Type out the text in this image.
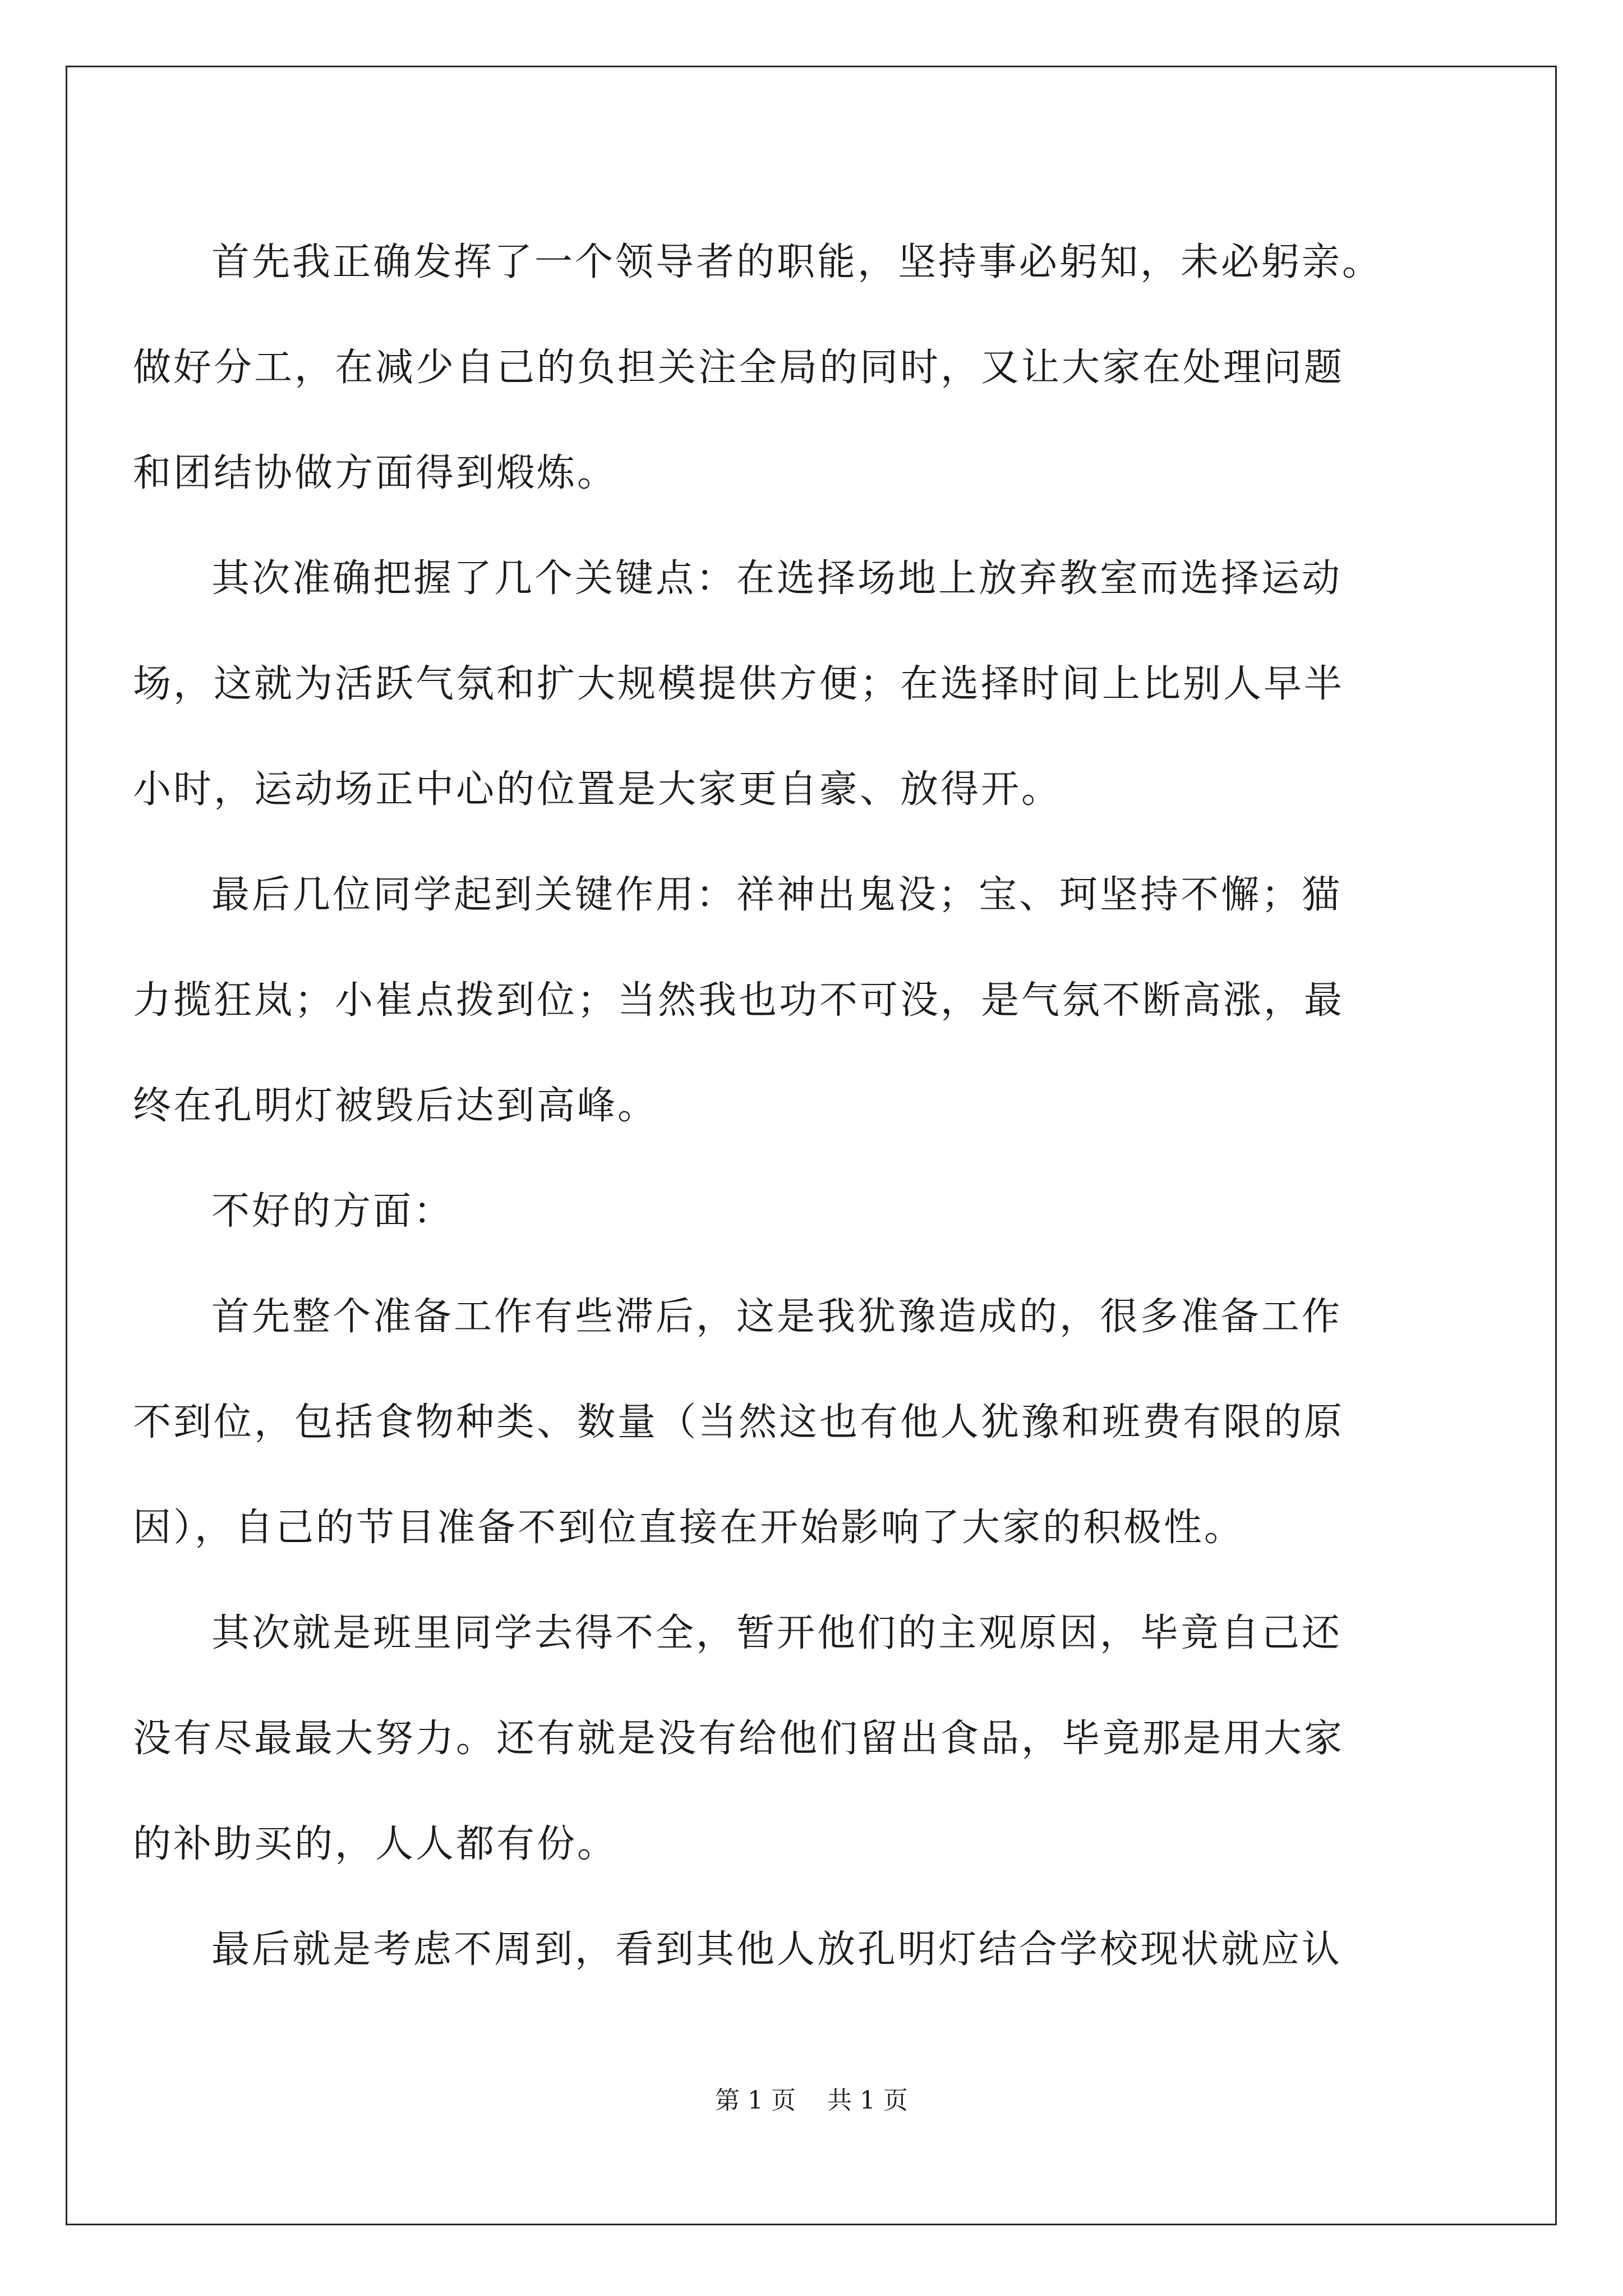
首先我正确发挥了一个领导者的职能，坚持事必躬知，未必躬亲。
做好分工，在减少自己的负担关注全局的同时，又让大家在处理问题
和团结协做方面得到煅炼。
其次准确把握了几个关键点：在选择场地上放弃教室而选择运动
场，这就为活跃气氛和扩大规模提供方便；在选择时间上比别人早半
小时，运动场正中心的位置是大家更自豪、放得开。
最后几位同学起到关键作用：祥神出鬼没；宝、珂坚持不懈；猫
力揽狂岚；小崔点拨到位；当然我也功不可没，是气氛不断高涨，最
终在孔明灯被毁后达到高峰。
不好的方面：
首先整个准备工作有些滞后，这是我犹豫造成的，很多准备工作
不到位，包括食物种类、数量（当然这也有他人犹豫和班费有限的原
因），自己的节目准备不到位直接在开始影响了大家的积极性。
其次就是班里同学去得不全，暂开他们的主观原因，毕竟自己还
没有尽最最大努力。还有就是没有给他们留出食品，毕竟那是用大家
的补助买的，人人都有份。
最后就是考虑不周到，看到其他人放孔明灯结合学校现状就应认
第 1 页 共 1 页
